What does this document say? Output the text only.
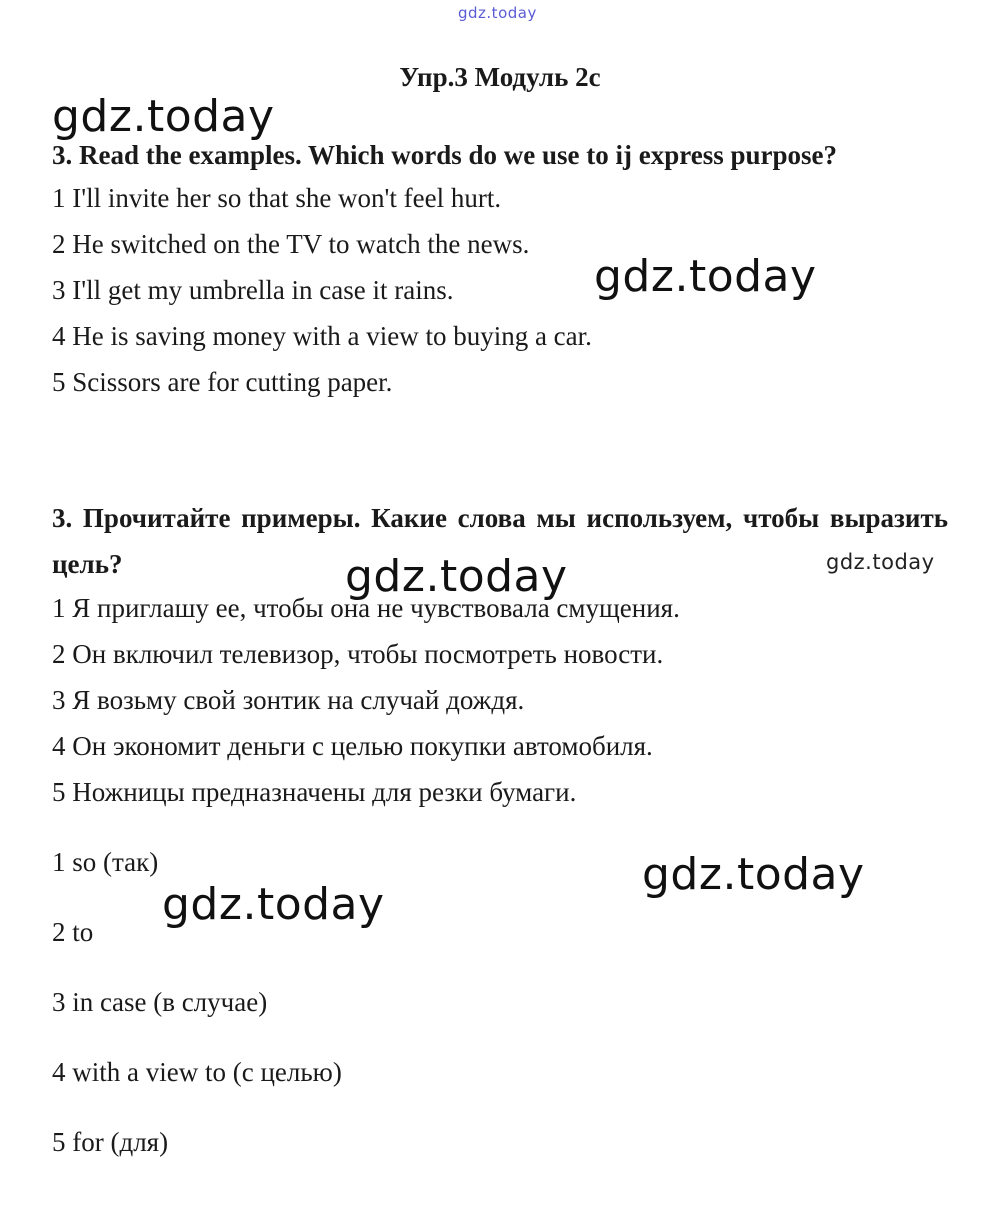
gdz.today
Упр.3 Модуль 2c
gdz.today
3. Read the examples. Which words do we use to ij express purpose?
1 I'll invite her so that she won't feel hurt.
2 He switched on the TV to watch the news.
3 I'll get my umbrella in case it rains.
4 He is saving money with a view to buying a car.
5 Scissors are for cutting paper.
gdz.today
3. Прочитайте примеры. Какие слова мы используем, чтобы выразить цель?	gdz.today	gdz.today
1 Я приглашу ее, чтобы она не чувствовала смущения.
2 Он включил телевизор, чтобы посмотреть новости.
3 Я возьму свой зонтик на случай дождя.
4 Он экономит деньги с целью покупки автомобиля.
5 Ножницы предназначены для резки бумаги.
1 so (так)
2 to
3 in case (в случае)
4 with a view to (с целью)
5 for (для)
gdz.today
gdz.today
